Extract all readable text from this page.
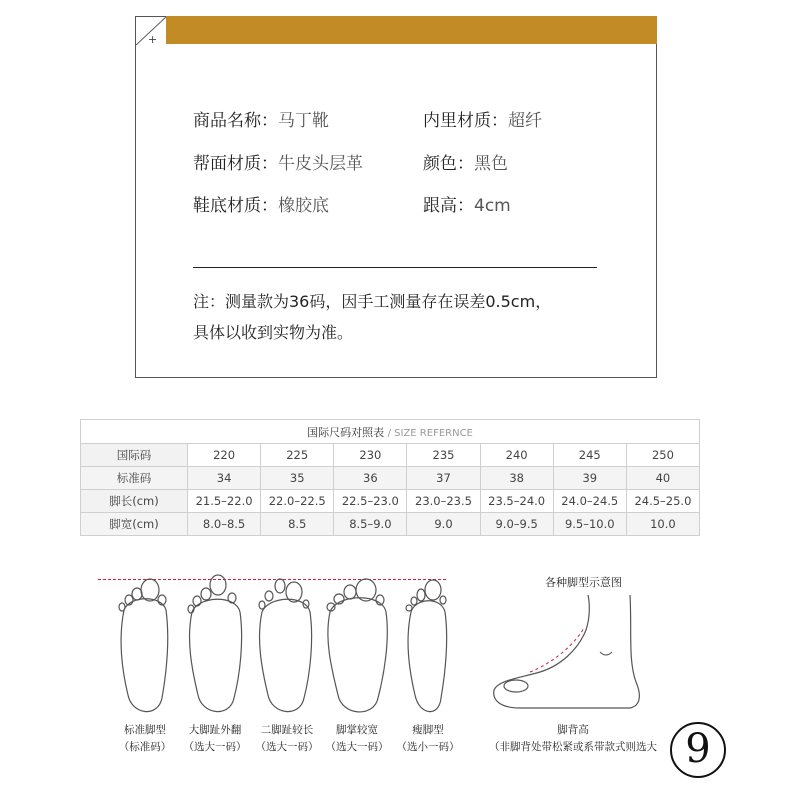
+
商品名称：马丁靴	内里材质：超纤
帮面材质：牛皮头层革	颜色：黑色
鞋底材质：橡胶底	跟高：4cm
注：测量款为36码，因手工测量存在误差0.5cm，
具体以收到实物为准。
国际尺码对照表 / SIZE REFERNCE							
国际码	220	225	230	235	240	245	250
标准码	34	35	36	37	38	39	40
脚长(cm)	21.5–22.0	22.0–22.5	22.5–23.0	23.0–23.5	23.5–24.0	24.0–24.5	24.5–25.0
脚宽(cm)	8.0–8.5	8.5	8.5–9.0	9.0	9.0–9.5	9.5–10.0	10.0
标准脚型
（标准码）
大脚趾外翻
（选大一码）
二脚趾较长
（选大一码）
脚掌较宽
（选大一码）
瘦脚型
（选小一码）
各种脚型示意图
脚背高
（非脚背处带松紧或系带款式则选大 9
